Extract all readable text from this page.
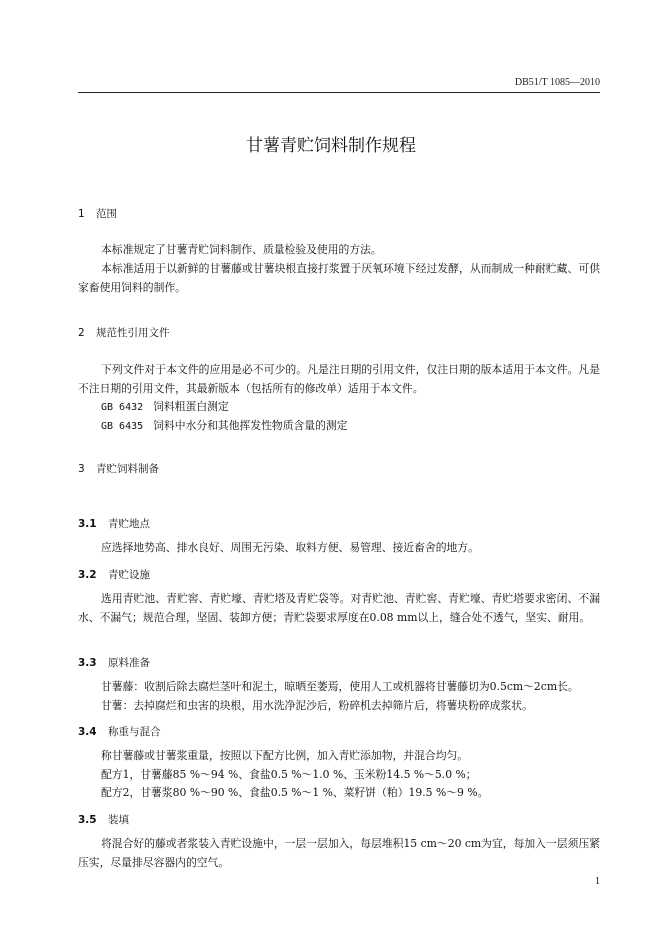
DB51/T 1085—2010
甘薯青贮饲料制作规程
1 范围
本标准规定了甘薯青贮饲料制作、质量检验及使用的方法。
本标准适用于以新鲜的甘薯藤或甘薯块根直接打浆置于厌氧环境下经过发酵，从而制成一种耐贮藏、可供家畜使用饲料的制作。
2 规范性引用文件
下列文件对于本文件的应用是必不可少的。凡是注日期的引用文件，仅注日期的版本适用于本文件。凡是不注日期的引用文件，其最新版本（包括所有的修改单）适用于本文件。
GB 6432 饲料粗蛋白测定
GB 6435 饲料中水分和其他挥发性物质含量的测定
3 青贮饲料制备
3.1 青贮地点
应选择地势高、排水良好、周围无污染、取料方便、易管理、接近畜舍的地方。
3.2 青贮设施
选用青贮池、青贮窖、青贮壕、青贮塔及青贮袋等。对青贮池、青贮窖、青贮壕、青贮塔要求密闭、不漏水、不漏气；规范合理，坚固、装卸方便；青贮袋要求厚度在0.08 mm以上，缝合处不透气，坚实、耐用。
3.3 原料准备
甘薯藤：收割后除去腐烂茎叶和泥土，晾晒至萎焉，使用人工或机器将甘薯藤切为0.5cm～2cm长。
甘薯：去掉腐烂和虫害的块根，用水洗净泥沙后，粉碎机去掉筛片后，将薯块粉碎成浆状。
3.4 称重与混合
称甘薯藤或甘薯浆重量，按照以下配方比例，加入青贮添加物，并混合均匀。
配方1，甘薯藤85 %～94 %、食盐0.5 %～1.0 %、玉米粉14.5 %～5.0 %；
配方2，甘薯浆80 %～90 %、食盐0.5 %～1 %、菜籽饼（粕）19.5 %～9 %。
3.5 装填
将混合好的藤或者浆装入青贮设施中，一层一层加入，每层堆积15 cm～20 cm为宜，每加入一层须压紧压实，尽量排尽容器内的空气。
1
